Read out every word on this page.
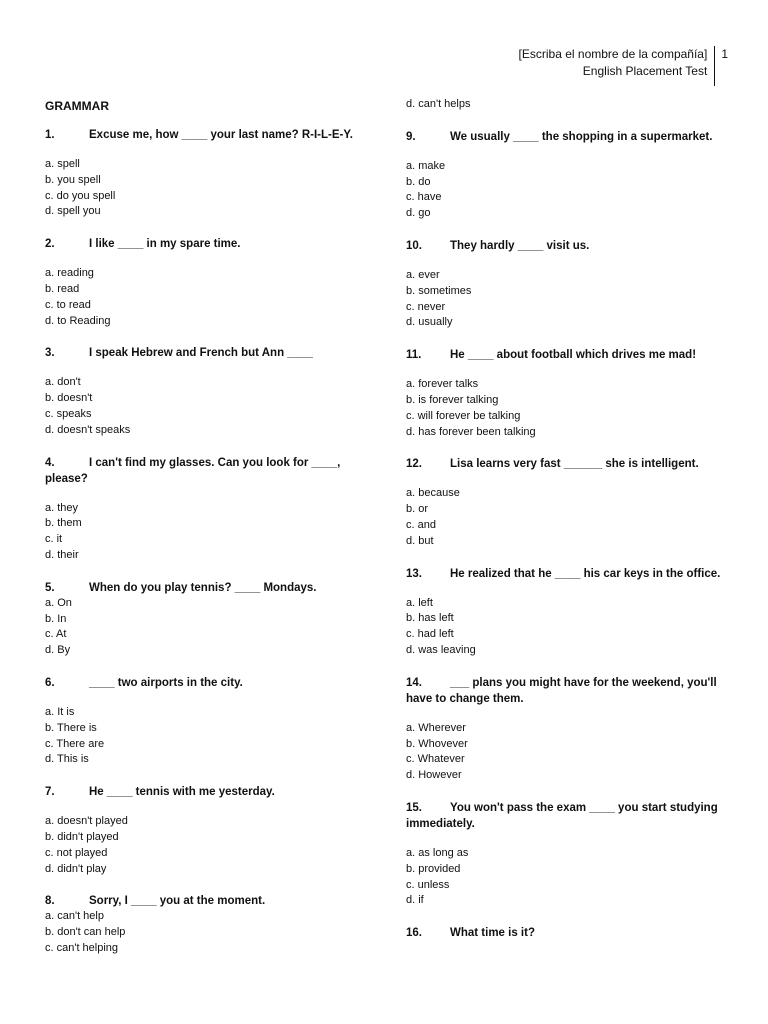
[Escriba el nombre de la compañía]
English Placement Test
1
GRAMMAR
1.	Excuse me, how ____ your last name? R-I-L-E-Y.
a. spell
b. you spell
c. do you spell
d. spell you
2.	I like ____ in my spare time.
a. reading
b. read
c. to read
d. to Reading
3.	I speak Hebrew and French but Ann ____
a. don't
b. doesn't
c. speaks
d. doesn't speaks
4.	I can't find my glasses. Can you look for ____, please?
a. they
b. them
c. it
d. their
5.	When do you play tennis? ____ Mondays.
a. On
b. In
c. At
d. By
6.	____ two airports in the city.
a. It is
b. There is
c. There are
d. This is
7.	He ____ tennis with me yesterday.
a. doesn't played
b. didn't played
c. not played
d. didn't play
8.	Sorry, I ____ you at the moment.
a. can't help
b. don't can help
c. can't helping
d. can't helps
9.	We usually ____ the shopping in a supermarket.
a. make
b. do
c. have
d. go
10. They hardly ____ visit us.
a. ever
b. sometimes
c. never
d. usually
11. He ____ about football which drives me mad!
a. forever talks
b. is forever talking
c. will forever be talking
d. has forever been talking
12. Lisa learns very fast ______ she is intelligent.
a. because
b. or
c. and
d. but
13. He realized that he ____ his car keys in the office.
a. left
b. has left
c. had left
d. was leaving
14. ___ plans you might have for the weekend, you'll have to change them.
a. Wherever
b. Whovever
c. Whatever
d. However
15. You won't pass the exam ____ you start studying immediately.
a. as long as
b. provided
c. unless
d. if
16. What time is it?
